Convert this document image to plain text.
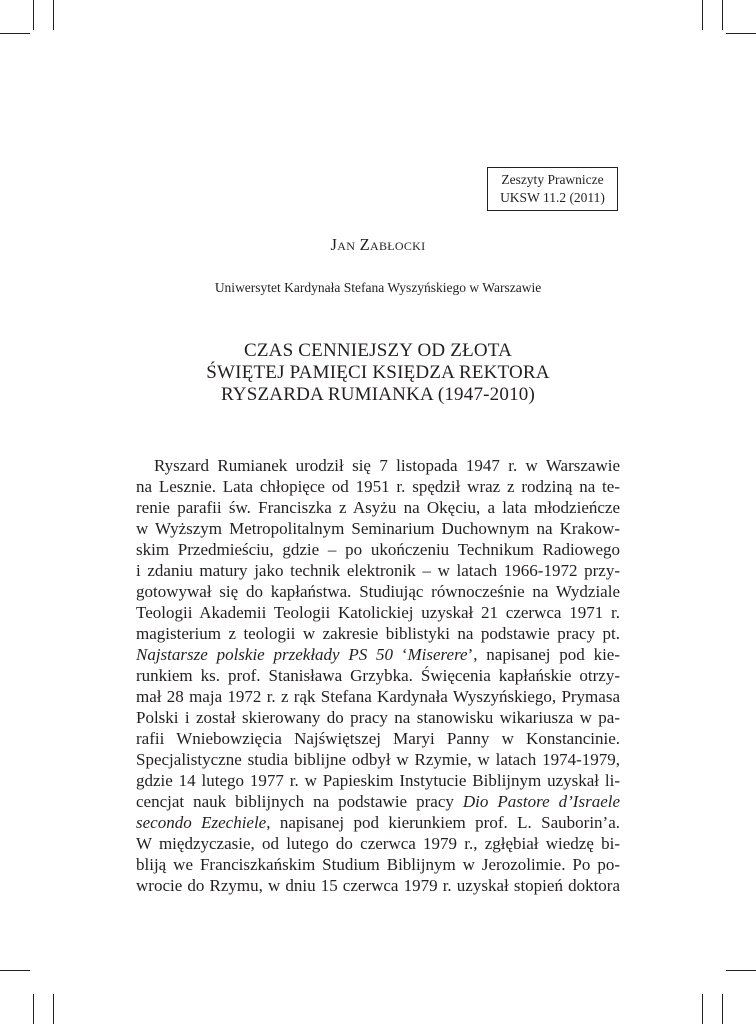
Zeszyty Prawnicze
UKSW 11.2 (2011)
Jan Zabłocki
Uniwersytet Kardynała Stefana Wyszyńskiego w Warszawie
CZAS CENNIEJSZY OD ZŁOTA
ŚWIĘTEJ PAMIĘCI KSIĘDZA REKTORA
RYSZARDA RUMIANKA (1947-2010)
Ryszard Rumianek urodził się 7 listopada 1947 r. w Warszawie
na Lesznie. Lata chłopięce od 1951 r. spędził wraz z rodziną na te-
renie parafii św. Franciszka z Asyżu na Okęciu, a lata młodzieńcze
w Wyższym Metropolitalnym Seminarium Duchownym na Krakow-
skim Przedmieściu, gdzie – po ukończeniu Technikum Radiowego
i zdaniu matury jako technik elektronik – w latach 1966-1972 przy-
gotowywał się do kapłaństwa. Studiując równocześnie na Wydziale
Teologii Akademii Teologii Katolickiej uzyskał 21 czerwca 1971 r.
magisterium z teologii w zakresie biblistyki na podstawie pracy pt.
Najstarsze polskie przekłady PS 50 ‘Miserere’, napisanej pod kie-
runkiem ks. prof. Stanisława Grzybka. Święcenia kapłańskie otrzy-
mał 28 maja 1972 r. z rąk Stefana Kardynała Wyszyńskiego, Prymasa
Polski i został skierowany do pracy na stanowisku wikariusza w pa-
rafii Wniebowzięcia Najświętszej Maryi Panny w Konstancinie.
Specjalistyczne studia biblijne odbył w Rzymie, w latach 1974-1979,
gdzie 14 lutego 1977 r. w Papieskim Instytucie Biblijnym uzyskał li-
cencjat nauk biblijnych na podstawie pracy Dio Pastore d’Israele
secondo Ezechiele, napisanej pod kierunkiem prof. L. Sauborin’a.
W międzyczasie, od lutego do czerwca 1979 r., zgłębiał wiedzę bi-
bliją we Franciszkańskim Studium Biblijnym w Jerozolimie. Po po-
wrocie do Rzymu, w dniu 15 czerwca 1979 r. uzyskał stopień doktora
